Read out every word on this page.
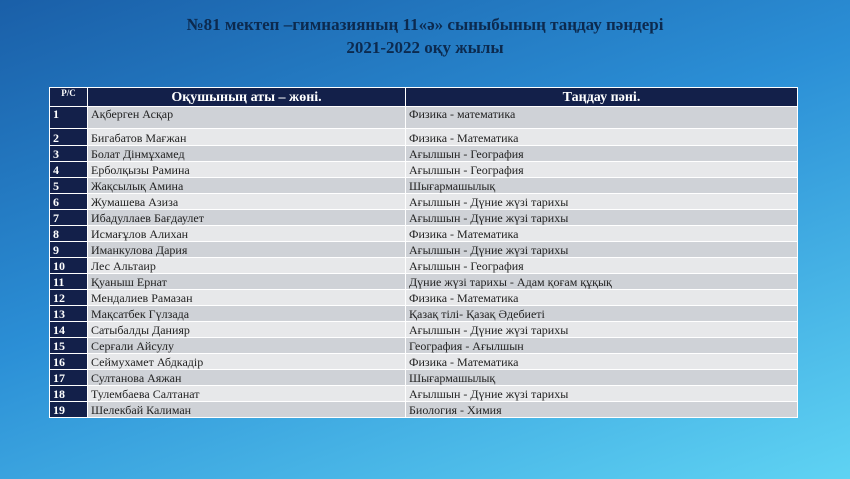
№81 мектеп –гимназияның 11«ә» сыныбының таңдау пәндері
2021-2022 оқу жылы
Р/С	Оқушының аты – жөні.	Таңдау пәні.
1	Ақберген Асқар	Физика - математика
2	Бигабатов Мағжан	Физика - Математика
3	Болат Дінмұхамед	Ағылшын - География
4	Ерболқызы Рамина	Ағылшын - География
5	Жақсылық Амина	Шығармашылық
6	Жумашева Азиза	Ағылшын - Дүние жүзі тарихы
7	Ибадуллаев Бағдаулет	Ағылшын - Дүние жүзі тарихы
8	Исмағұлов Алихан	Физика - Математика
9	Иманкулова Дария	Ағылшын - Дүние жүзі тарихы
10	Лес Альтаир	Ағылшын - География
11	Қуаныш Ернат	Дүние жүзі тарихы - Адам қоғам құқық
12	Мендалиев Рамазан	Физика - Математика
13	Мақсатбек Гүлзада	Қазақ тілі- Қазақ Әдебиеті
14	Сатыбалды Данияр	Ағылшын - Дүние жүзі тарихы
15	Серғали Айсулу	География - Ағылшын
16	Сеймухамет Абдкадір	Физика - Математика
17	Султанова Аяжан	Шығармашылық
18	Тулембаева Салтанат	Ағылшын - Дүние жүзі тарихы
19	Шелекбай Калиман	Биология - Химия
